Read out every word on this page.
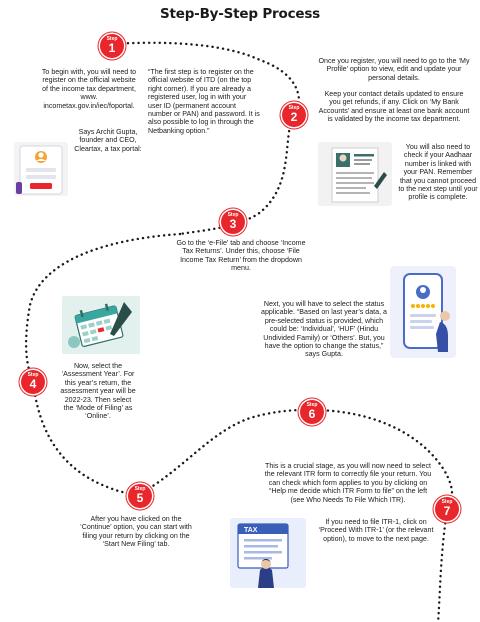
Step-By-Step Process
Step
1
Step
2
Step
3
Step
4
Step
5
Step
6
Step
7
To begin with, you will need to register on the official website of the income tax department, www. incometax.gov.in/iec/foportal.
Says Archit Gupta, founder and CEO, Cleartax, a tax portal:
“The first step is to register on the official website of ITD (on the top right corner). If you are already a registered user, log in with your user ID (permanent account number or PAN) and password. It is also possible to log in through the Netbanking option.”
Once you register, you will need to go to the ‘My Profile’ option to view, edit and update your personal details.
Keep your contact details updated to ensure you get refunds, if any. Click on ‘My Bank Accounts’ and ensure at least one bank account is validated by the income tax department.
You will also need to check if your Aadhaar number is linked with your PAN. Remember that you cannot proceed to the next step until your profile is complete.
Go to the ‘e-File’ tab and choose ‘Income Tax Returns’. Under this, choose ‘File Income Tax Return’ from the dropdown menu.
Now, select the ‘Assessment Year’. For this year’s return, the assessment year will be 2022-23. Then select the ‘Mode of Filing’ as ‘Online’.
Next, you will have to select the status applicable. “Based on last year’s data, a pre-selected status is provided, which could be: ‘Individual’, ‘HUF’ (Hindu Undivided Family) or ‘Others’. But, you have the option to change the status,” says Gupta.
After you have clicked on the ‘Continue’ option, you can start with filing your return by clicking on the ‘Start New Filing’ tab.
This is a crucial stage, as you will now need to select the relevant ITR form to correctly file your return. You can check which form applies to you by clicking on “Help me decide which ITR Form to file” on the left (see Who Needs To File Which ITR).
If you need to file ITR-1, click on ‘Proceed With ITR-1’ (or the relevant option), to move to the next page.
TAX
